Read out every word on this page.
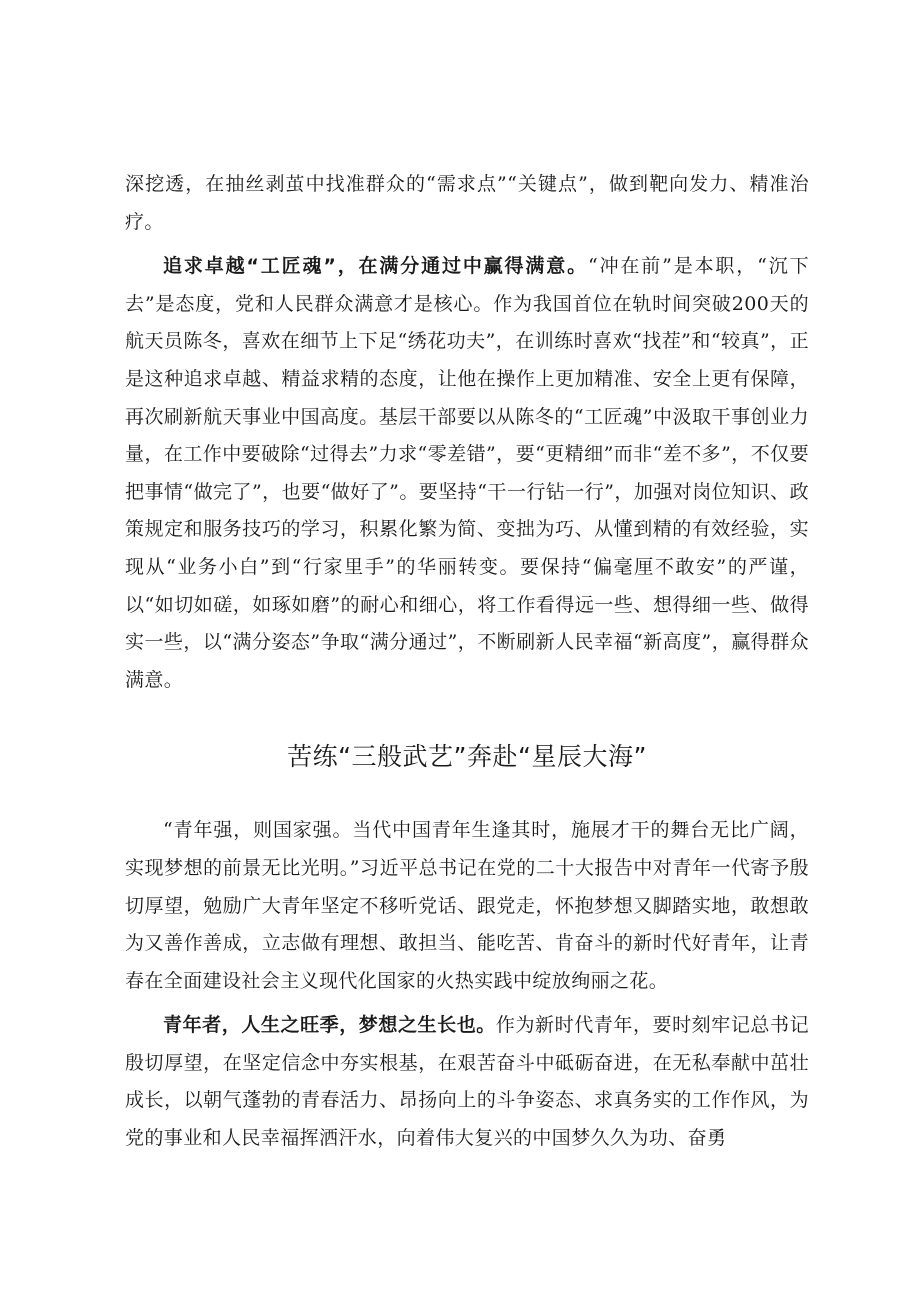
深挖透，在抽丝剥茧中找准群众的“需求点”“关键点”，做到靶向发力、精准治疗。

追求卓越“工匠魂”，在满分通过中赢得满意。“冲在前”是本职，“沉下去”是态度，党和人民群众满意才是核心。作为我国首位在轨时间突破200天的航天员陈冬，喜欢在细节上下足“绣花功夫”，在训练时喜欢“找茬”和“较真”，正是这种追求卓越、精益求精的态度，让他在操作上更加精准、安全上更有保障，再次刷新航天事业中国高度。基层干部要以从陈冬的“工匠魂”中汲取干事创业力量，在工作中要破除“过得去”力求“零差错”，要“更精细”而非“差不多”，不仅要把事情“做完了”，也要“做好了”。要坚持“干一行钻一行”，加强对岗位知识、政策规定和服务技巧的学习，积累化繁为简、变拙为巧、从懂到精的有效经验，实现从“业务小白”到“行家里手”的华丽转变。要保持“偏毫厘不敢安”的严谨，以“如切如磋，如琢如磨”的耐心和细心，将工作看得远一些、想得细一些、做得实一些，以“满分姿态”争取“满分通过”，不断刷新人民幸福“新高度”，赢得群众满意。

苦练“三般武艺”奔赴“星辰大海”

“青年强，则国家强。当代中国青年生逢其时，施展才干的舞台无比广阔，实现梦想的前景无比光明。”习近平总书记在党的二十大报告中对青年一代寄予殷切厚望，勉励广大青年坚定不移听党话、跟党走，怀抱梦想又脚踏实地，敢想敢为又善作善成，立志做有理想、敢担当、能吃苦、肯奋斗的新时代好青年，让青春在全面建设社会主义现代化国家的火热实践中绽放绚丽之花。

青年者，人生之旺季，梦想之生长也。作为新时代青年，要时刻牢记总书记殷切厚望，在坚定信念中夯实根基，在艰苦奋斗中砥砺奋进，在无私奉献中茁壮成长，以朝气蓬勃的青春活力、昂扬向上的斗争姿态、求真务实的工作作风，为党的事业和人民幸福挥洒汗水，向着伟大复兴的中国梦久久为功、奋勇
